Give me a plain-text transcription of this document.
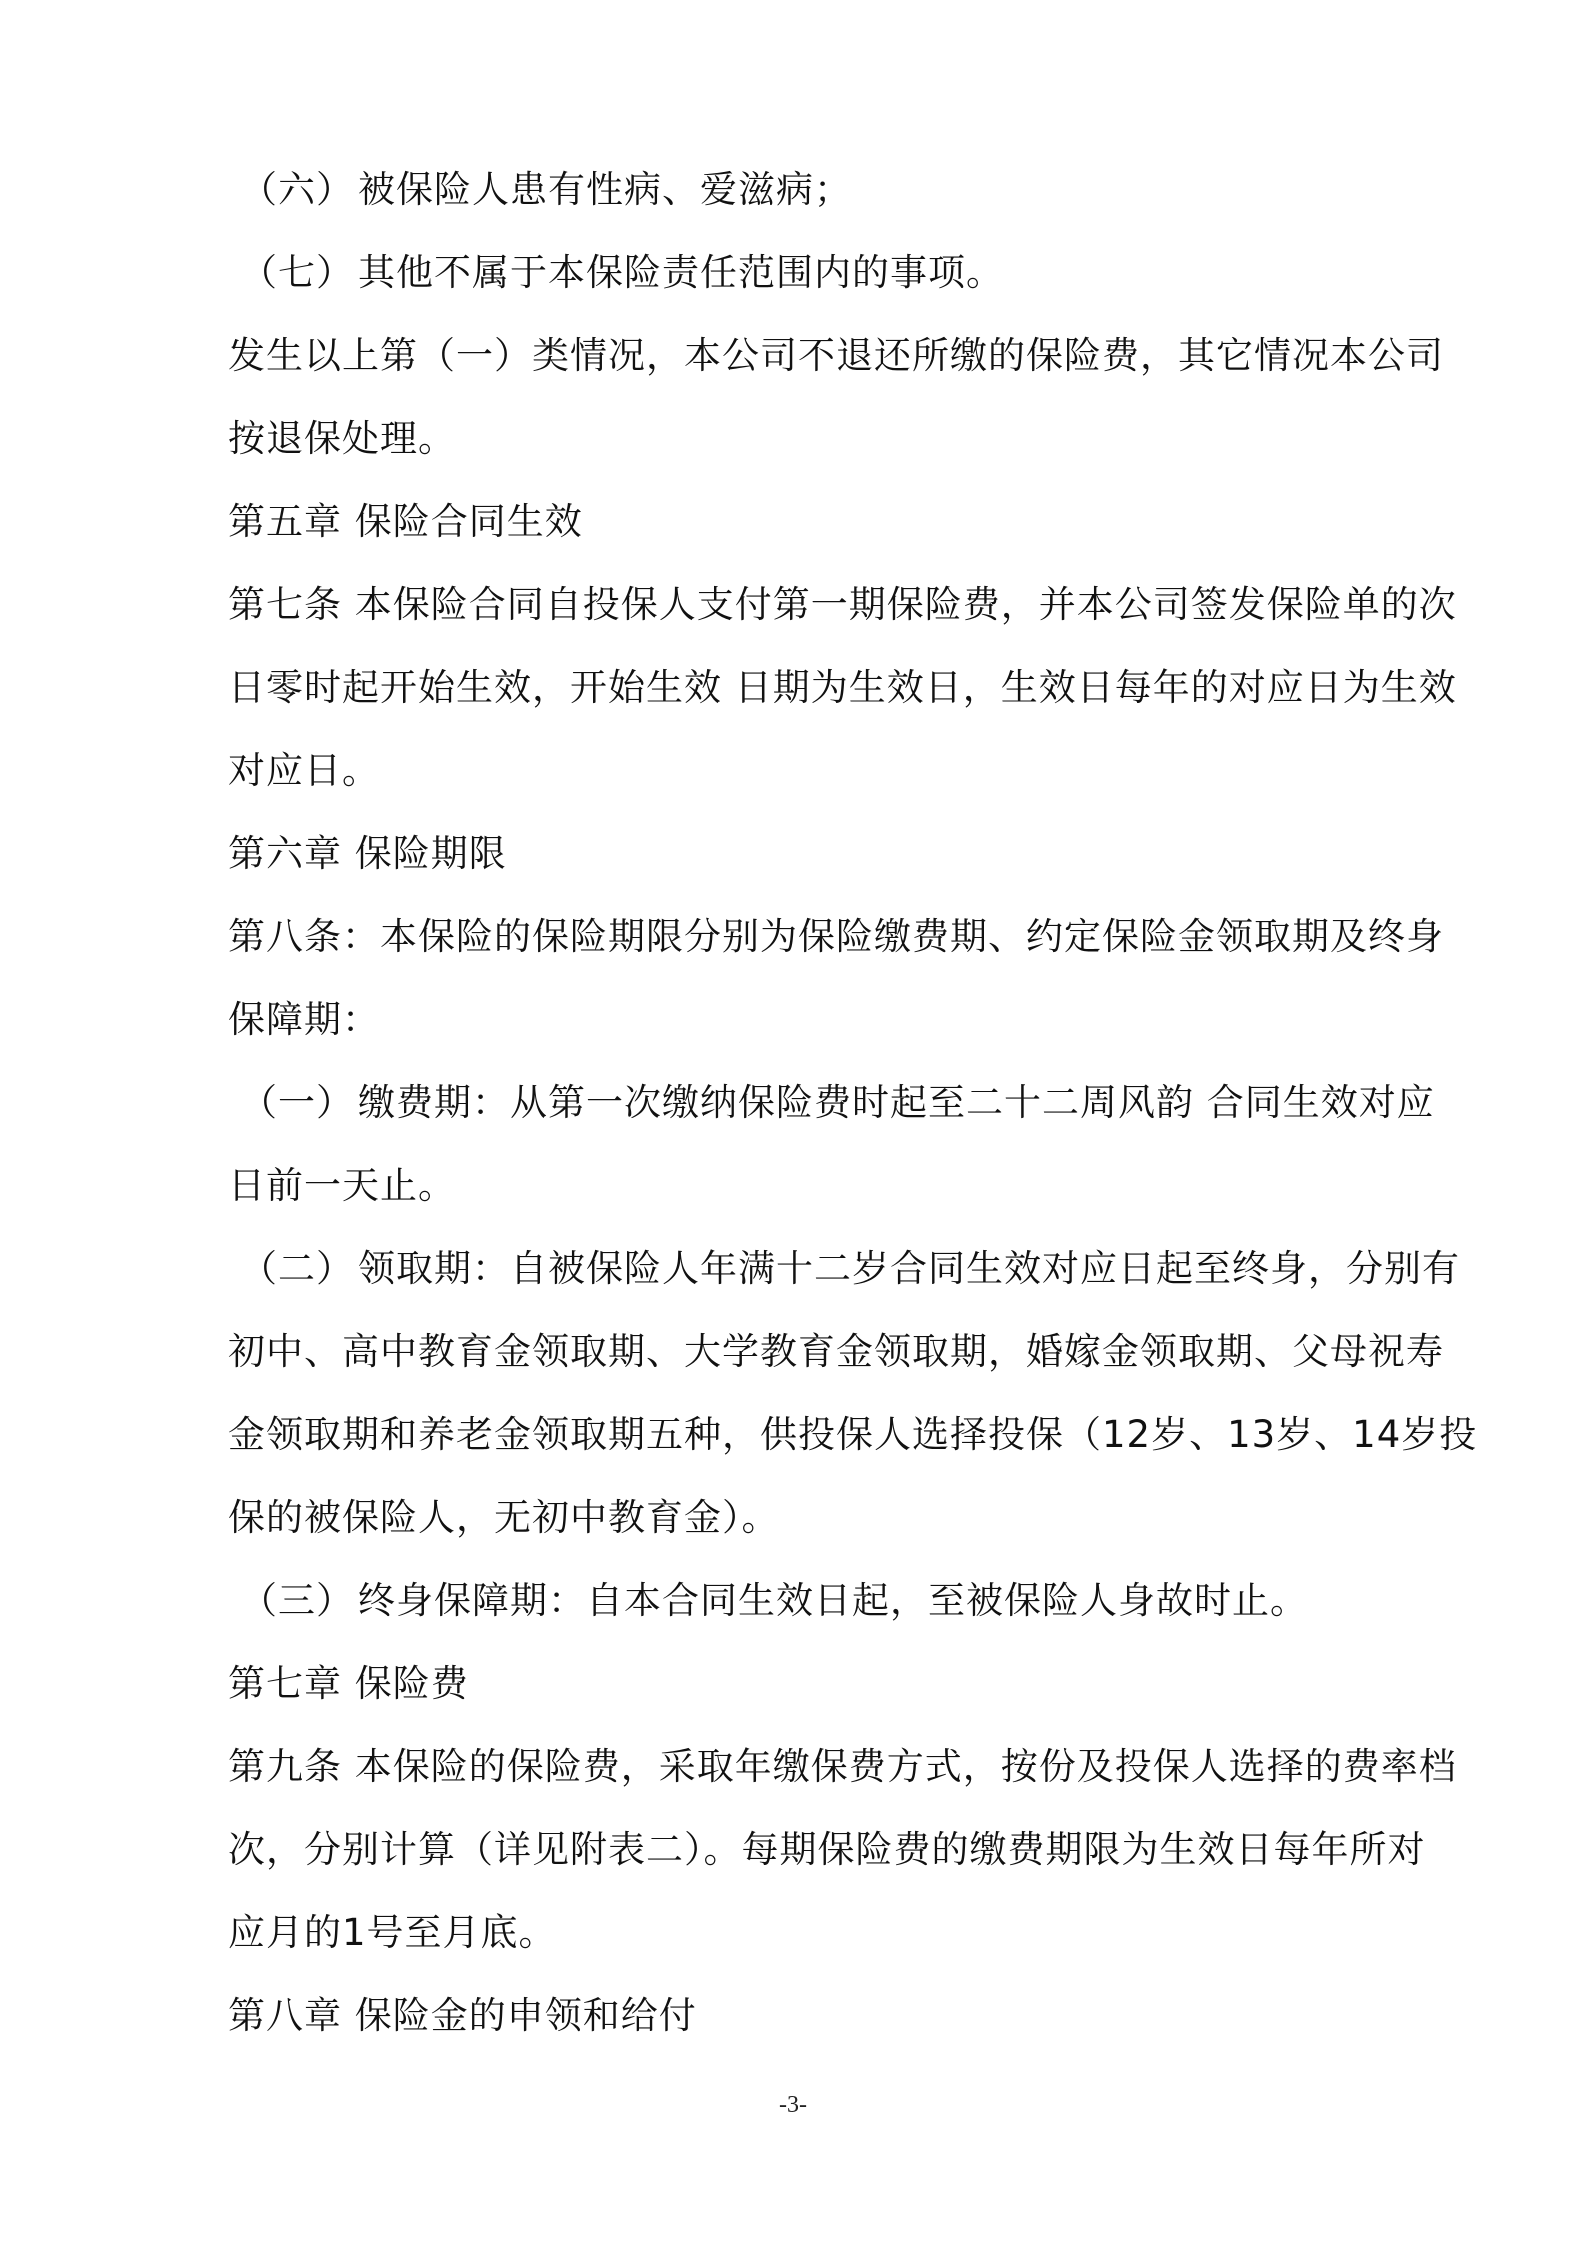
（六） 被保险人患有性病、爱滋病；
（七） 其他不属于本保险责任范围内的事项。
发生以上第（一）类情况，本公司不退还所缴的保险费，其它情况本公司
按退保处理。
第五章 保险合同生效
第七条 本保险合同自投保人支付第一期保险费，并本公司签发保险单的次
日零时起开始生效，开始生效 日期为生效日，生效日每年的对应日为生效
对应日。
第六章 保险期限
第八条：本保险的保险期限分别为保险缴费期、约定保险金领取期及终身
保障期：
（一） 缴费期：从第一次缴纳保险费时起至二十二周风韵 合同生效对应
日前一天止。
（二） 领取期：自被保险人年满十二岁合同生效对应日起至终身，分别有
初中、高中教育金领取期、大学教育金领取期，婚嫁金领取期、父母祝寿
金领取期和养老金领取期五种，供投保人选择投保（12岁、13岁、14岁投
保的被保险人，无初中教育金）。
（三） 终身保障期：自本合同生效日起，至被保险人身故时止。
第七章 保险费
第九条 本保险的保险费，采取年缴保费方式，按份及投保人选择的费率档
次，分别计算（详见附表二）。每期保险费的缴费期限为生效日每年所对
应月的1号至月底。
第八章 保险金的申领和给付
-3-
